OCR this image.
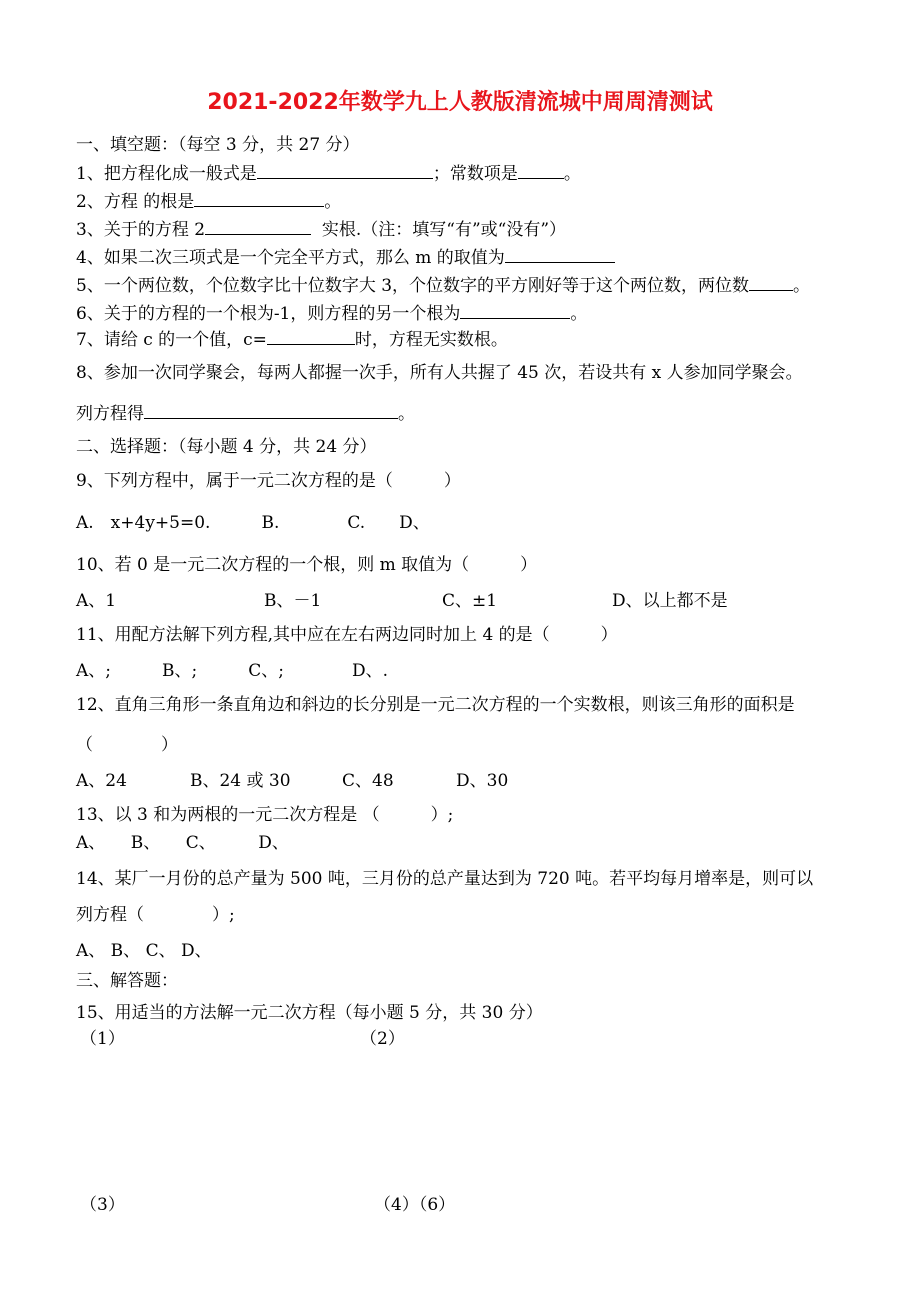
2021-2022年数学九上人教版清流城中周周清测试
一、填空题：（每空 3 分，共 27 分）
1、把方程化成一般式是	；常数项是	。
2、方程 的根是	。
3、关于的方程 2	实根.（注：填写“有”或“没有”）
4、如果二次三项式是一个完全平方式，那么 m 的取值为
5、一个两位数，个位数字比十位数字大 3，个位数字的平方刚好等于这个两位数，两位数	。
6、关于的方程的一个根为-1，则方程的另一个根为	。
7、请给 c 的一个值，c=	时，方程无实数根。
8、参加一次同学聚会，每两人都握一次手，所有人共握了 45 次，若设共有 x 人参加同学聚会。
列方程得	。
二、选择题：（每小题 4 分，共 24 分）
9、下列方程中，属于一元二次方程的是（　　　）
A.　x+4y+5=0.　　　B.　　　　C.　　D、
10、若 0 是一元二次方程的一个根，则 m 取值为（　　　）
A、1	B、－1	C、±1	D、以上都不是
11、用配方法解下列方程,其中应在左右两边同时加上 4 的是（　　　）
A、;　　　B、;　　　C、;　　　　D、.
12、直角三角形一条直角边和斜边的长分别是一元二次方程的一个实数根，则该三角形的面积是
（　　　　）
A、24	B、24 或 30	C、48	D、30
13、以 3 和为两根的一元二次方程是 （　　　）;
A、　　B、　　C、　　　D、
14、某厂一月份的总产量为 500 吨，三月份的总产量达到为 720 吨。若平均每月增率是，则可以
列方程（　　　　）;
A、 B、 C、 D、
三、解答题：
15、用适当的方法解一元二次方程（每小题 5 分，共 30 分）
（1）	（2）
（3）	（4）（6）
